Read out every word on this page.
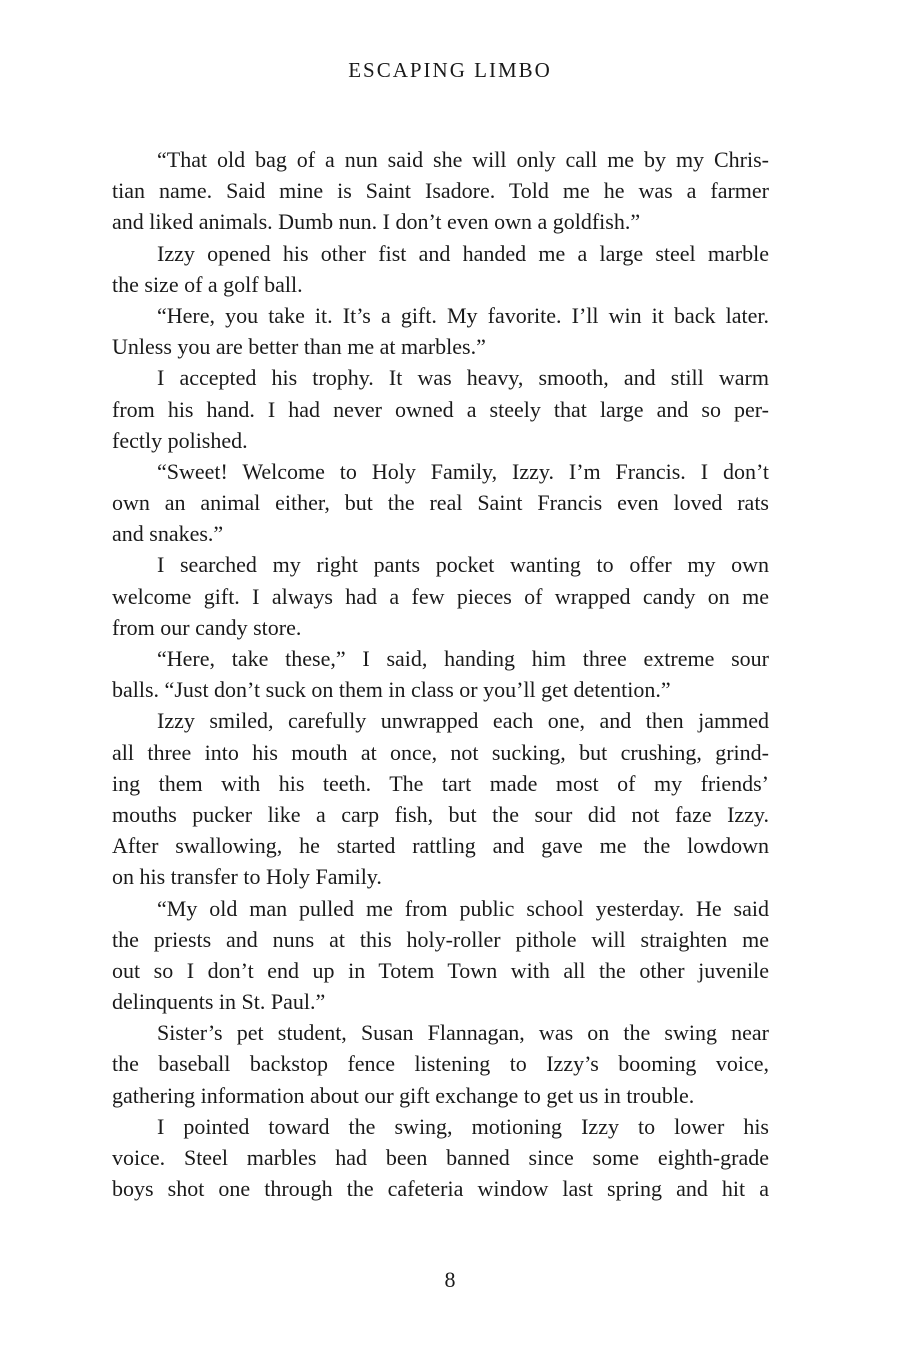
ESCAPING LIMBO

“That old bag of a nun said she will only call me by my Chris-
tian name. Said mine is Saint Isadore. Told me he was a farmer
and liked animals. Dumb nun. I don’t even own a goldfish.”

Izzy opened his other fist and handed me a large steel marble
the size of a golf ball.

“Here, you take it. It’s a gift. My favorite. I’ll win it back later.
Unless you are better than me at marbles.”

I accepted his trophy. It was heavy, smooth, and still warm
from his hand. I had never owned a steely that large and so per-
fectly polished.

“Sweet! Welcome to Holy Family, Izzy. I’m Francis. I don’t
own an animal either, but the real Saint Francis even loved rats
and snakes.”

I searched my right pants pocket wanting to offer my own
welcome gift. I always had a few pieces of wrapped candy on me
from our candy store.

“Here, take these,” I said, handing him three extreme sour
balls. “Just don’t suck on them in class or you’ll get detention.”

Izzy smiled, carefully unwrapped each one, and then jammed
all three into his mouth at once, not sucking, but crushing, grind-
ing them with his teeth. The tart made most of my friends’
mouths pucker like a carp fish, but the sour did not faze Izzy.
After swallowing, he started rattling and gave me the lowdown
on his transfer to Holy Family.

“My old man pulled me from public school yesterday. He said
the priests and nuns at this holy-roller pithole will straighten me
out so I don’t end up in Totem Town with all the other juvenile
delinquents in St. Paul.”

Sister’s pet student, Susan Flannagan, was on the swing near
the baseball backstop fence listening to Izzy’s booming voice,
gathering information about our gift exchange to get us in trouble.

I pointed toward the swing, motioning Izzy to lower his
voice. Steel marbles had been banned since some eighth-grade
boys shot one through the cafeteria window last spring and hit a

8
